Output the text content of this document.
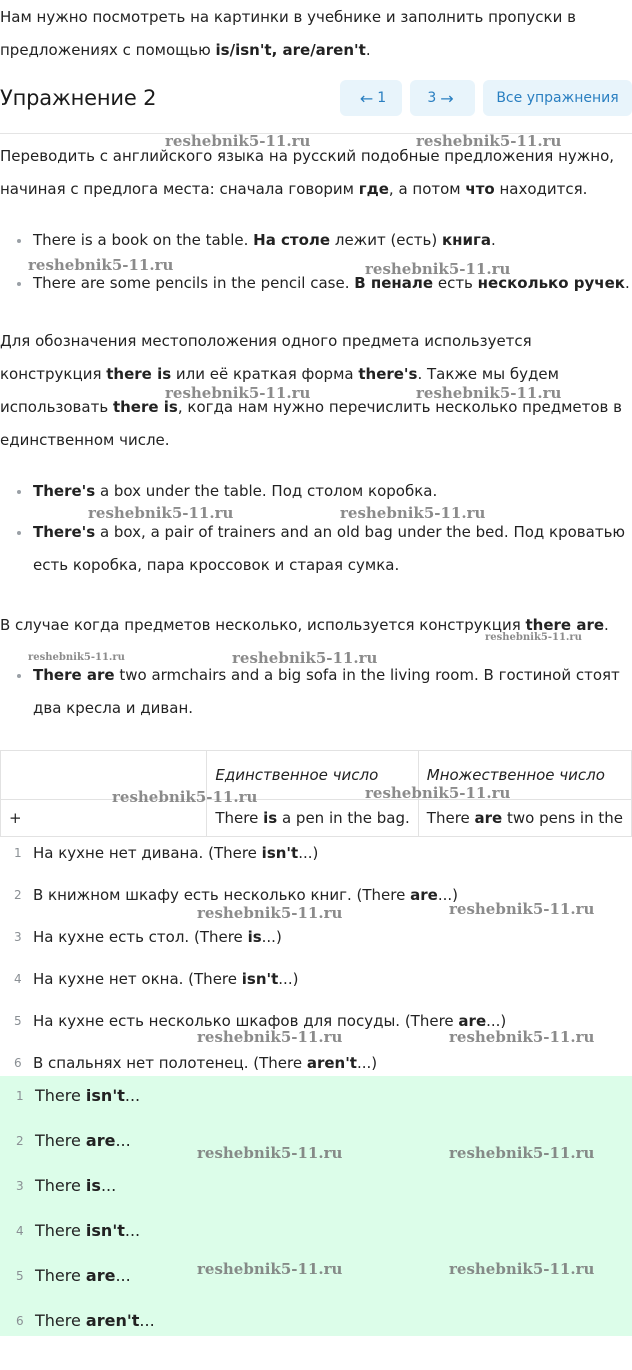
Нам нужно посмотреть на картинки в учебнике и заполнить пропуски в предложениях с помощью is/isn't, are/aren't.

Упражнение 2	← 1	3 →	Все упражнения

Переводить с английского языка на русский подобные предложения нужно, начиная с предлога места: сначала говорим где, а потом что находится.

There is a book on the table. На столе лежит (есть) книга.
There are some pencils in the pencil case. В пенале есть несколько ручек.

Для обозначения местоположения одного предмета используется конструкция there is или её краткая форма there's. Также мы будем использовать there is, когда нам нужно перечислить несколько предметов в единственном числе.

There's a box under the table. Под столом коробка.
There's a box, a pair of trainers and an old bag under the bed. Под кроватью есть коробка, пара кроссовок и старая сумка.

В случае когда предметов несколько, используется конструкция there are.

There are two armchairs and a big sofa in the living room. В гостиной стоят два кресла и диван.
	Единственное число	Множественное число
+	There is a pen in the bag.	There are two pens in the
1 На кухне нет дивана. (There isn't...)
2 В книжном шкафу есть несколько книг. (There are...)
3 На кухне есть стол. (There is...)
4 На кухне нет окна. (There isn't...)
5 На кухне есть несколько шкафов для посуды. (There are...)
6 В спальнях нет полотенец. (There aren't...)
1 There isn't...
2 There are...
3 There is...
4 There isn't...
5 There are...
6 There aren't...
reshebnik5-11.ru	reshebnik5-11.ru
reshebnik5-11.ru	reshebnik5-11.ru
reshebnik5-11.ru	reshebnik5-11.ru
reshebnik5-11.ru	reshebnik5-11.ru
reshebnik5-11.ru
reshebnik5-11.ru	reshebnik5-11.ru
reshebnik5-11.ru	reshebnik5-11.ru
reshebnik5-11.ru	reshebnik5-11.ru
reshebnik5-11.ru	reshebnik5-11.ru
reshebnik5-11.ru	reshebnik5-11.ru
reshebnik5-11.ru	reshebnik5-11.ru
